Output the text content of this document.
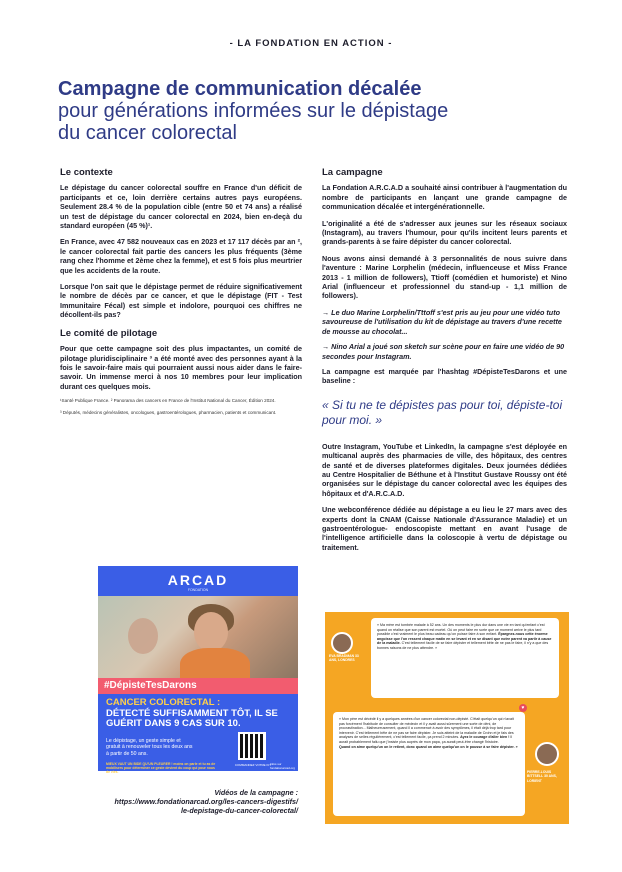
- LA FONDATION EN ACTION -
Campagne de communication décalée
pour générations informées sur le dépistage
du cancer colorectal
Le contexte

Le dépistage du cancer colorectal souffre en France d'un déficit de participants et ce, loin derrière certains autres pays européens. Seulement 28.4 % de la population cible (entre 50 et 74 ans) a réalisé un test de dépistage du cancer colorectal en 2024, bien en-deçà du standard européen (45 %)¹.

En France, avec 47 582 nouveaux cas en 2023 et 17 117 décès par an ², le cancer colorectal fait partie des cancers les plus fréquents (3ème rang chez l'homme et 2ème chez la femme), et est 5 fois plus meurtrier que les accidents de la route.

Lorsque l'on sait que le dépistage permet de réduire significativement le nombre de décès par ce cancer, et que le dépistage (FIT - Test Immunitaire Fécal) est simple et indolore, pourquoi ces chiffres ne décollent-ils pas?

Le comité de pilotage

Pour que cette campagne soit des plus impactantes, un comité de pilotage pluridisciplinaire ³ a été monté avec des personnes ayant à la fois le savoir-faire mais qui pourraient aussi nous aider dans le faire-savoir. Un immense merci à nos 10 membres pour leur implication durant ces quelques mois.

¹Santé Publique France. ² Panorama des cancers en France de l'Institut National du Cancer, Édition 2024.
³ Députés, médecins généralistes, oncologues, gastroentérologues, pharmacien, patients et communicant.
La campagne

La Fondation A.R.C.A.D a souhaité ainsi contribuer à l'augmentation du nombre de participants en lançant une grande campagne de communication décalée et intergénérationnelle.

L'originalité a été de s'adresser aux jeunes sur les réseaux sociaux (Instagram), au travers l'humour, pour qu'ils incitent leurs parents et grands-parents à se faire dépister du cancer colorectal.

Nous avons ainsi demandé à 3 personnalités de nous suivre dans l'aventure : Marine Lorphelin (médecin, influenceuse et Miss France 2013 - 1 million de followers), Ttioff (comédien et humoriste) et Nino Arial (influenceur et professionnel du stand-up - 1,1 million de followers).

→ Le duo Marine Lorphelin/Tttoff s'est pris au jeu pour une vidéo tuto savoureuse de l'utilisation du kit de dépistage au travers d'une recette de mousse au chocolat...
→ Nino Arial a joué son sketch sur scène pour en faire une vidéo de 90 secondes pour Instagram.

La campagne est marquée par l'hashtag #DépisteTesDarons et une baseline :

« Si tu ne te dépistes pas pour toi, dépiste-toi pour moi. »

Outre Instagram, YouTube et LinkedIn, la campagne s'est déployée en multicanal auprès des pharmacies de ville, des hôpitaux, des centres de santé et de diverses plateformes digitales. Deux journées dédiées au Centre Hospitalier de Béthune et à l'Institut Gustave Roussy ont été organisées sur le dépistage du cancer colorectal avec les équipes des hôpitaux et d'A.R.C.A.D.

Une webconférence dédiée au dépistage a eu lieu le 27 mars avec des experts dont la CNAM (Caisse Nationale d'Assurance Maladie) et un gastroentérologue- endoscopiste mettant en avant l'usage de l'intelligence artificielle dans la coloscopie à vertu de dépistage ou traitement.

ARCAD
FONDATION
#DépisteTesDarons
CANCER COLORECTAL :
DÉTECTÉ SUFFISAMMENT TÔT, IL SE GUÉRIT DANS 9 CAS SUR 10.
Le dépistage, un geste simple et gratuit à renouveler tous les deux ans à partir de 50 ans.
COMMANDEZ VOTRE KIT
MIEUX VAUT UN BIDE QU'UN PLEURER ! moins on parle et tu as de mobilisers pour déterminer ce geste devient du coup qui pour nous de vies.
Infos sur fondationarcad.org
Vidéos de la campagne :
https://www.fondationarcad.org/les-cancers-digestifs/
le-depistage-du-cancer-colorectal/
EVA BRADMAN 33 ANS, LONDRES
« Ma mère est tombée malade à 52 ans. Un des moments le plus dur dans une vie en tant qu'enfant c'est quand on réalise que son parent est mortel. Où on peut faire en sorte que ce moment arrive le plus tard possible c'est vraiment le plus beau cadeau qu'on puisse faire à son enfant. Épargnez-nous cette énorme angoisse que l'on ressent chaque matin en se levant et en se disant que notre parent va partir à cause de la maladie. C'est tellement facile de se faire dépister et tellement bête de ne pas le faire, il n'y a que des bonnes raisons de ne plus attendre. »
♥
« Mon père est décédé il y a quelques années d'un cancer colorectal non-dépisté. C'était quelqu'un qui n'avait pas forcément l'habitude de consulter de médecin et il y avait aussi sûrement une sorte de déni, de procrastination... Malheureusement, quand il a commencé à avoir des symptômes, il était déjà trop tard pour intervenir. C'est tellement bête de ne pas se faire dépister. Je suis atteint de la maladie de Crohn et je fais des analyses de selles régulièrement, c'est tellement facile, ça prend 2 minutes. Ayez le courage d'aller bien ! Il aurait probablement fallu que j'insiste plus auprès de mon papa, ça aurait peut-être changé l'histoire.
Quand on aime quelqu'un on le retient, donc quand on aime quelqu'un on le pousse à se faire dépister. »
PIERRE-LOUIS BITTSELL 30 ANS, LORIENT
